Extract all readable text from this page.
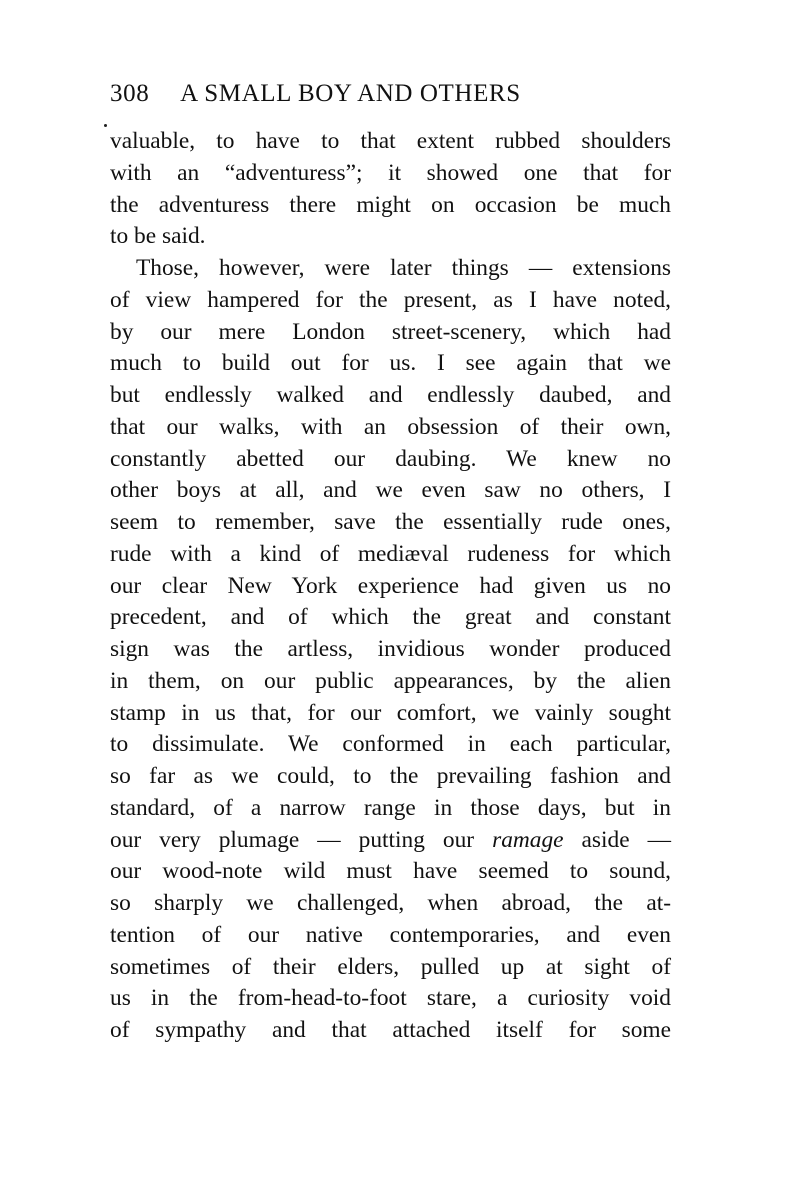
308 A SMALL BOY AND OTHERS
valuable, to have to that extent rubbed shoulders
with an “adventuress”; it showed one that for
the adventuress there might on occasion be much
to be said.
Those, however, were later things — extensions
of view hampered for the present, as I have noted,
by our mere London street-scenery, which had
much to build out for us. I see again that we
but endlessly walked and endlessly daubed, and
that our walks, with an obsession of their own,
constantly abetted our daubing. We knew no
other boys at all, and we even saw no others, I
seem to remember, save the essentially rude ones,
rude with a kind of mediæval rudeness for which
our clear New York experience had given us no
precedent, and of which the great and constant
sign was the artless, invidious wonder produced
in them, on our public appearances, by the alien
stamp in us that, for our comfort, we vainly sought
to dissimulate. We conformed in each particular,
so far as we could, to the prevailing fashion and
standard, of a narrow range in those days, but in
our very plumage — putting our ramage aside —
our wood-note wild must have seemed to sound,
so sharply we challenged, when abroad, the at-
tention of our native contemporaries, and even
sometimes of their elders, pulled up at sight of
us in the from-head-to-foot stare, a curiosity void
of sympathy and that attached itself for some
